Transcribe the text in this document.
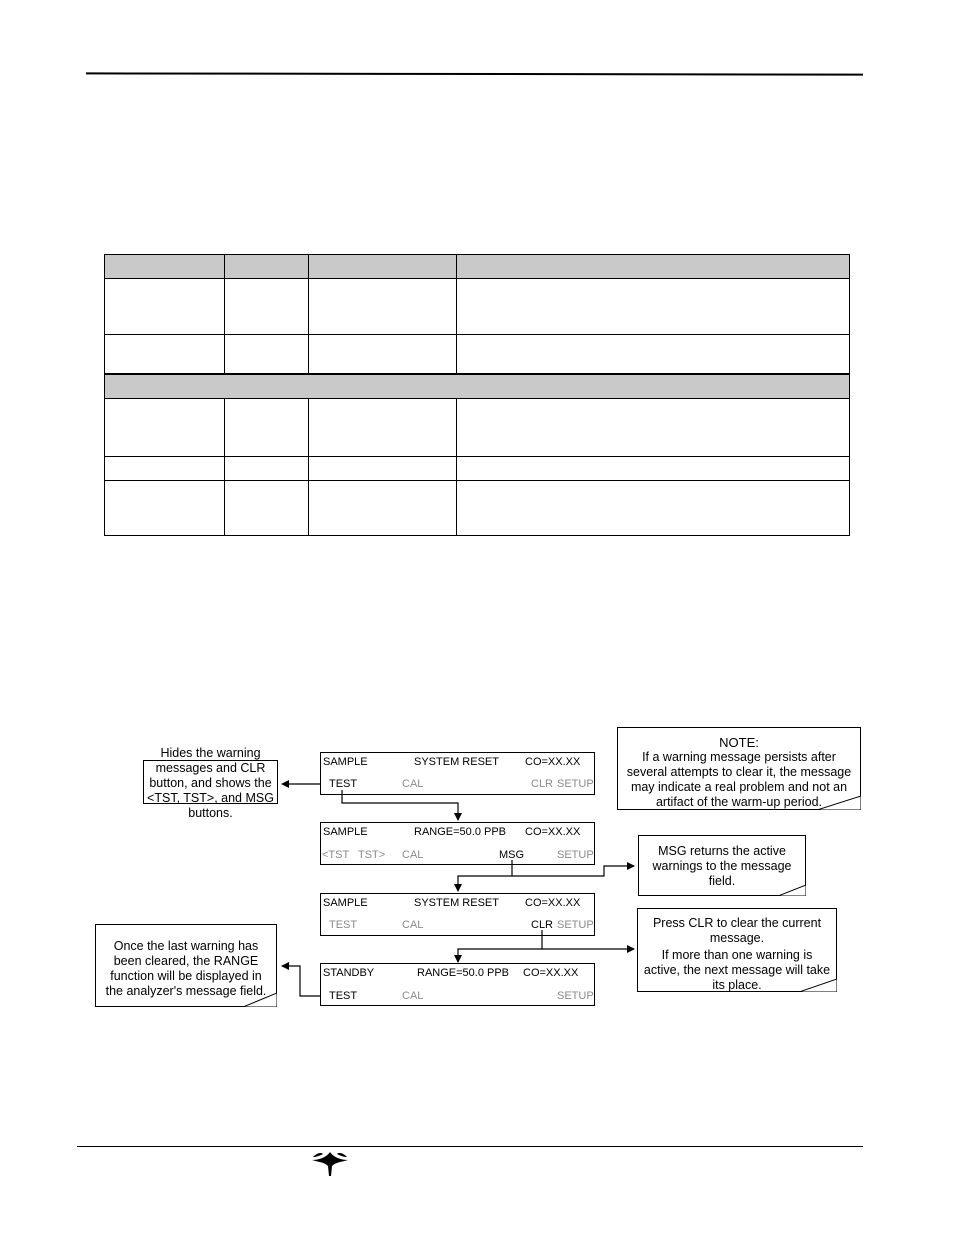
SAMPLE	SYSTEM RESET CO=XX.XX
TEST	CAL	CLR SETUP
SAMPLE	RANGE=50.0 PPB CO=XX.XX
<TST TST> CAL	MSG	SETUP
SAMPLE	SYSTEM RESET CO=XX.XX
TEST	CAL	CLR SETUP
STANDBY	RANGE=50.0 PPB CO=XX.XX
TEST	CAL	SETUP
Hides the warning messages and CLR button, and shows the <TST, TST>, and MSG buttons.
NOTE:
If a warning message persists after several attempts to clear it, the message may indicate a real problem and not an artifact of the warm-up period.
MSG returns the active warnings to the message field.
Press CLR to clear the current message.
If more than one warning is active, the next message will take its place.
Once the last warning has been cleared, the RANGE function will be displayed in the analyzer's message field.
